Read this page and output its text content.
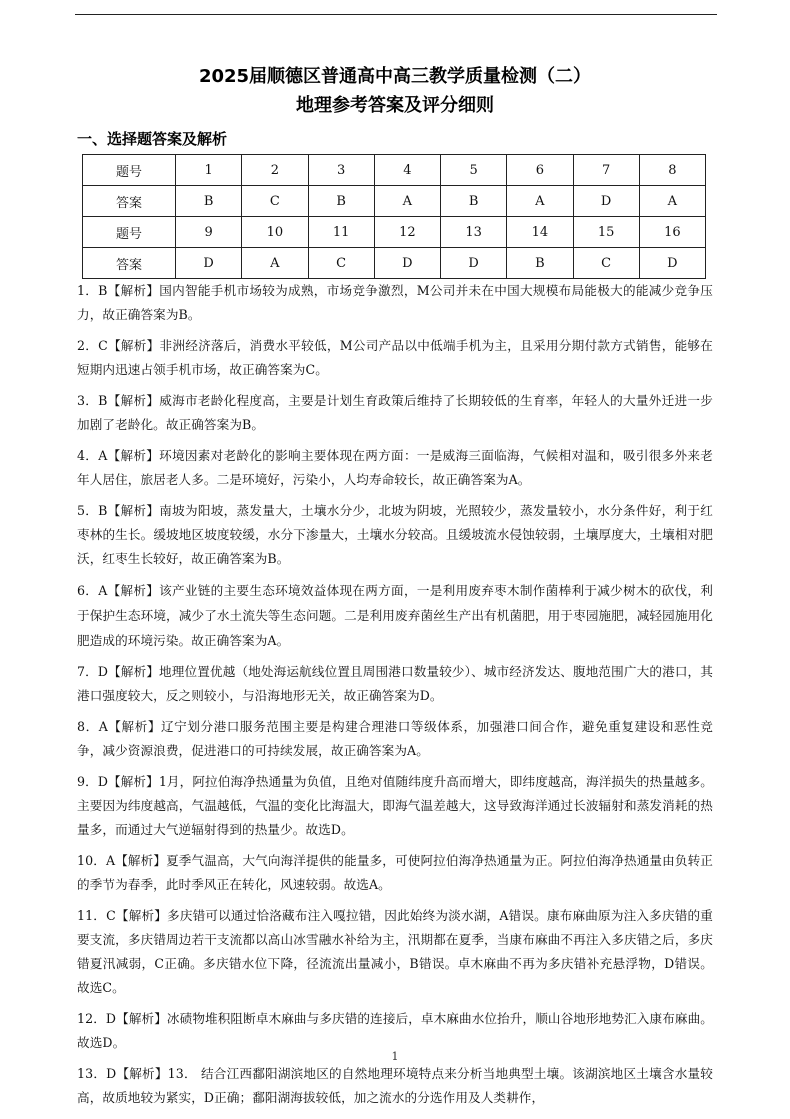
2025届顺德区普通高中高三教学质量检测（二）
地理参考答案及评分细则
一、选择题答案及解析
题号	1	2	3	4	5	6	7	8
答案	B	C	B	A	B	A	D	A
题号	9	10	11	12	13	14	15	16
答案	D	A	C	D	D	B	C	D
1．B【解析】国内智能手机市场较为成熟，市场竞争激烈，M公司并未在中国大规模布局能极大的能减少竞争压力，故正确答案为B。
2．C【解析】非洲经济落后，消费水平较低，M公司产品以中低端手机为主，且采用分期付款方式销售，能够在短期内迅速占领手机市场，故正确答案为C。
3．B【解析】威海市老龄化程度高，主要是计划生育政策后维持了长期较低的生育率，年轻人的大量外迁进一步加剧了老龄化。故正确答案为B。
4．A【解析】环境因素对老龄化的影响主要体现在两方面：一是威海三面临海，气候相对温和，吸引很多外来老年人居住，旅居老人多。二是环境好，污染小，人均寿命较长，故正确答案为A。
5．B【解析】南坡为阳坡，蒸发量大，土壤水分少，北坡为阴坡，光照较少，蒸发量较小，水分条件好，利于红枣林的生长。缓坡地区坡度较缓，水分下渗量大，土壤水分较高。且缓坡流水侵蚀较弱，土壤厚度大，土壤相对肥沃，红枣生长较好，故正确答案为B。
6．A【解析】该产业链的主要生态环境效益体现在两方面，一是利用废弃枣木制作菌棒利于减少树木的砍伐，利于保护生态环境，减少了水土流失等生态问题。二是利用废弃菌丝生产出有机菌肥，用于枣园施肥，减轻园施用化肥造成的环境污染。故正确答案为A。
7．D【解析】地理位置优越（地处海运航线位置且周围港口数量较少）、城市经济发达、腹地范围广大的港口，其港口强度较大，反之则较小，与沿海地形无关，故正确答案为D。
8．A【解析】辽宁划分港口服务范围主要是构建合理港口等级体系，加强港口间合作，避免重复建设和恶性竞争，减少资源浪费，促进港口的可持续发展，故正确答案为A。
9．D【解析】1月，阿拉伯海净热通量为负值，且绝对值随纬度升高而增大，即纬度越高，海洋损失的热量越多。主要因为纬度越高，气温越低，气温的变化比海温大，即海气温差越大，这导致海洋通过长波辐射和蒸发消耗的热量多，而通过大气逆辐射得到的热量少。故选D。
10．A【解析】夏季气温高，大气向海洋提供的能量多，可使阿拉伯海净热通量为正。阿拉伯海净热通量由负转正的季节为春季，此时季风正在转化，风速较弱。故选A。
11．C【解析】多庆错可以通过恰洛藏布注入嘎拉错，因此始终为淡水湖，A错误。康布麻曲原为注入多庆错的重要支流，多庆错周边若干支流都以高山冰雪融水补给为主，汛期都在夏季，当康布麻曲不再注入多庆错之后，多庆错夏汛减弱，C正确。多庆错水位下降，径流流出量减小，B错误。卓木麻曲不再为多庆错补充悬浮物，D错误。故选C。
12．D【解析】冰碛物堆积阻断卓木麻曲与多庆错的连接后，卓木麻曲水位抬升，顺山谷地形地势汇入康布麻曲。故选D。
13．D【解析】13． 结合江西鄱阳湖滨地区的自然地理环境特点来分析当地典型土壤。该湖滨地区土壤含水量较高，故质地较为紧实，D正确；鄱阳湖海拔较低，加之流水的分选作用及人类耕作，
1
